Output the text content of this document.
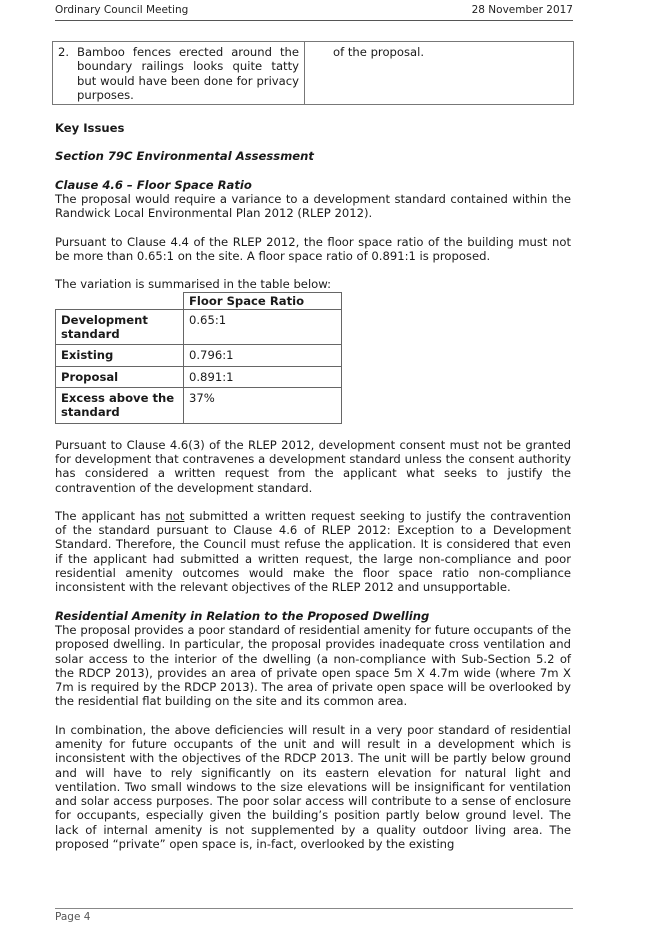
Ordinary Council Meeting	28 November 2017
2.	Bamboo fences erected around the boundary railings looks quite tatty but would have been done for privacy purposes.	of the proposal.

Key Issues

Section 79C Environmental Assessment

Clause 4.6 – Floor Space Ratio

The proposal would require a variance to a development standard contained within the Randwick Local Environmental Plan 2012 (RLEP 2012).

Pursuant to Clause 4.4 of the RLEP 2012, the floor space ratio of the building must not be more than 0.65:1 on the site. A floor space ratio of 0.891:1 is proposed.

The variation is summarised in the table below:

	Floor Space Ratio
Development standard	0.65:1
Existing	0.796:1
Proposal	0.891:1
Excess above the standard	37%

Pursuant to Clause 4.6(3) of the RLEP 2012, development consent must not be granted for development that contravenes a development standard unless the consent authority has considered a written request from the applicant what seeks to justify the contravention of the development standard.

The applicant has not submitted a written request seeking to justify the contravention of the standard pursuant to Clause 4.6 of RLEP 2012: Exception to a Development Standard. Therefore, the Council must refuse the application. It is considered that even if the applicant had submitted a written request, the large non-compliance and poor residential amenity outcomes would make the floor space ratio non-compliance inconsistent with the relevant objectives of the RLEP 2012 and unsupportable.

Residential Amenity in Relation to the Proposed Dwelling

The proposal provides a poor standard of residential amenity for future occupants of the proposed dwelling. In particular, the proposal provides inadequate cross ventilation and solar access to the interior of the dwelling (a non-compliance with Sub-Section 5.2 of the RDCP 2013), provides an area of private open space 5m X 4.7m wide (where 7m X 7m is required by the RDCP 2013). The area of private open space will be overlooked by the residential flat building on the site and its common area.

In combination, the above deficiencies will result in a very poor standard of residential amenity for future occupants of the unit and will result in a development which is inconsistent with the objectives of the RDCP 2013. The unit will be partly below ground and will have to rely significantly on its eastern elevation for natural light and ventilation. Two small windows to the size elevations will be insignificant for ventilation and solar access purposes. The poor solar access will contribute to a sense of enclosure for occupants, especially given the building’s position partly below ground level. The lack of internal amenity is not supplemented by a quality outdoor living area. The proposed “private” open space is, in-fact, overlooked by the existing

Page 4
